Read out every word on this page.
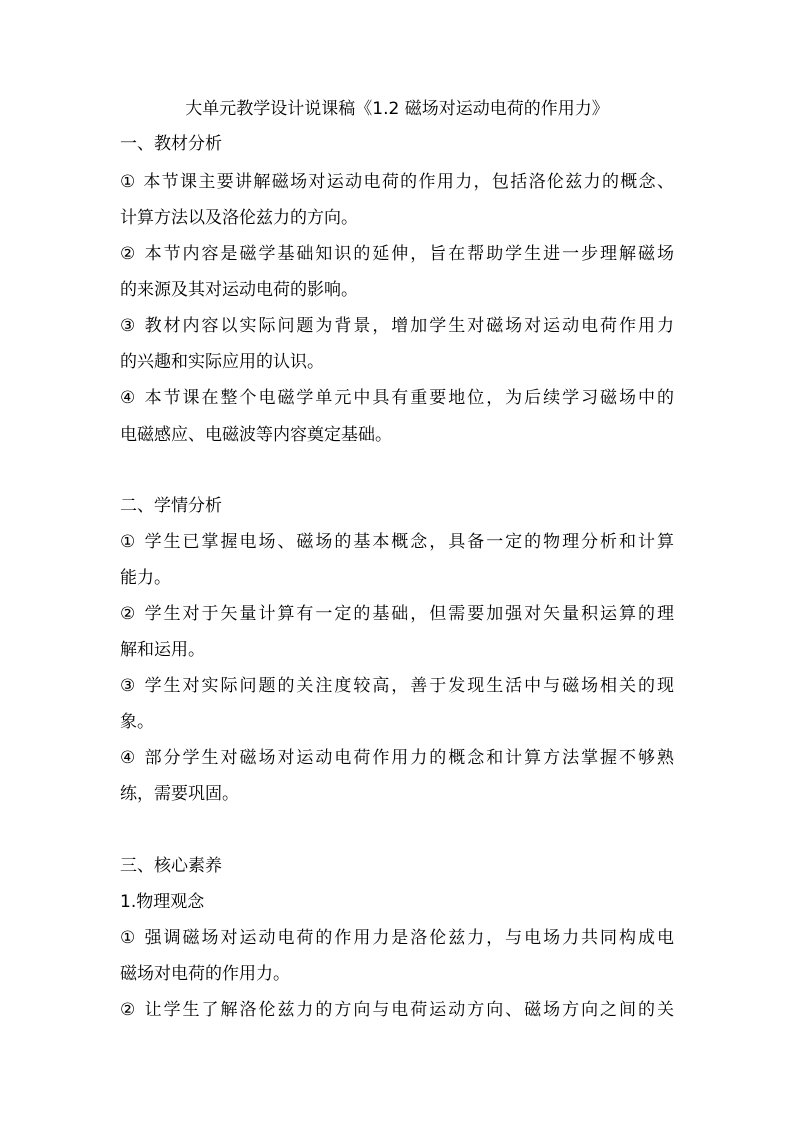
大单元教学设计说课稿《1.2 磁场对运动电荷的作用力》
一、教材分析
① 本节课主要讲解磁场对运动电荷的作用力，包括洛伦兹力的概念、
计算方法以及洛伦兹力的方向。
② 本节内容是磁学基础知识的延伸，旨在帮助学生进一步理解磁场
的来源及其对运动电荷的影响。
③ 教材内容以实际问题为背景，增加学生对磁场对运动电荷作用力
的兴趣和实际应用的认识。
④ 本节课在整个电磁学单元中具有重要地位，为后续学习磁场中的
电磁感应、电磁波等内容奠定基础。
二、学情分析
① 学生已掌握电场、磁场的基本概念，具备一定的物理分析和计算
能力。
② 学生对于矢量计算有一定的基础，但需要加强对矢量积运算的理
解和运用。
③ 学生对实际问题的关注度较高，善于发现生活中与磁场相关的现
象。
④ 部分学生对磁场对运动电荷作用力的概念和计算方法掌握不够熟
练，需要巩固。
三、核心素养
1.物理观念
① 强调磁场对运动电荷的作用力是洛伦兹力，与电场力共同构成电
磁场对电荷的作用力。
② 让学生了解洛伦兹力的方向与电荷运动方向、磁场方向之间的关
